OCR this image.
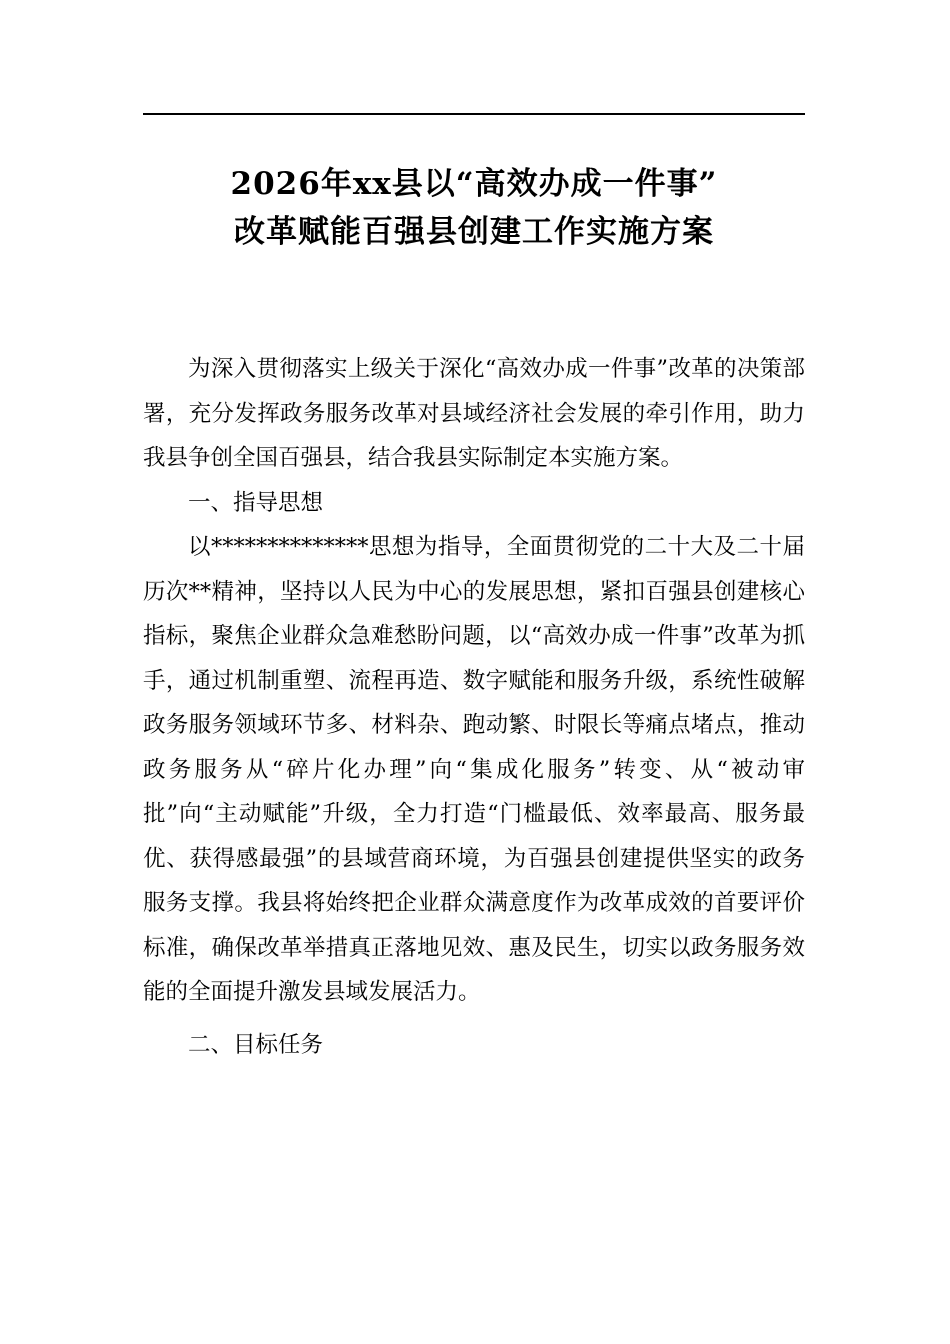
2026年xx县以“高效办成一件事”
改革赋能百强县创建工作实施方案

为深入贯彻落实上级关于深化“高效办成一件事”改革的决策部署，充分发挥政务服务改革对县域经济社会发展的牵引作用，助力我县争创全国百强县，结合我县实际制定本实施方案。

一、指导思想

以**************思想为指导，全面贯彻党的二十大及二十届历次**精神，坚持以人民为中心的发展思想，紧扣百强县创建核心指标，聚焦企业群众急难愁盼问题，以“高效办成一件事”改革为抓手，通过机制重塑、流程再造、数字赋能和服务升级，系统性破解政务服务领域环节多、材料杂、跑动繁、时限长等痛点堵点，推动政务服务从“碎片化办理”向“集成化服务”转变、从“被动审批”向“主动赋能”升级，全力打造“门槛最低、效率最高、服务最优、获得感最强”的县域营商环境，为百强县创建提供坚实的政务服务支撑。我县将始终把企业群众满意度作为改革成效的首要评价标准，确保改革举措真正落地见效、惠及民生，切实以政务服务效能的全面提升激发县域发展活力。

二、目标任务
